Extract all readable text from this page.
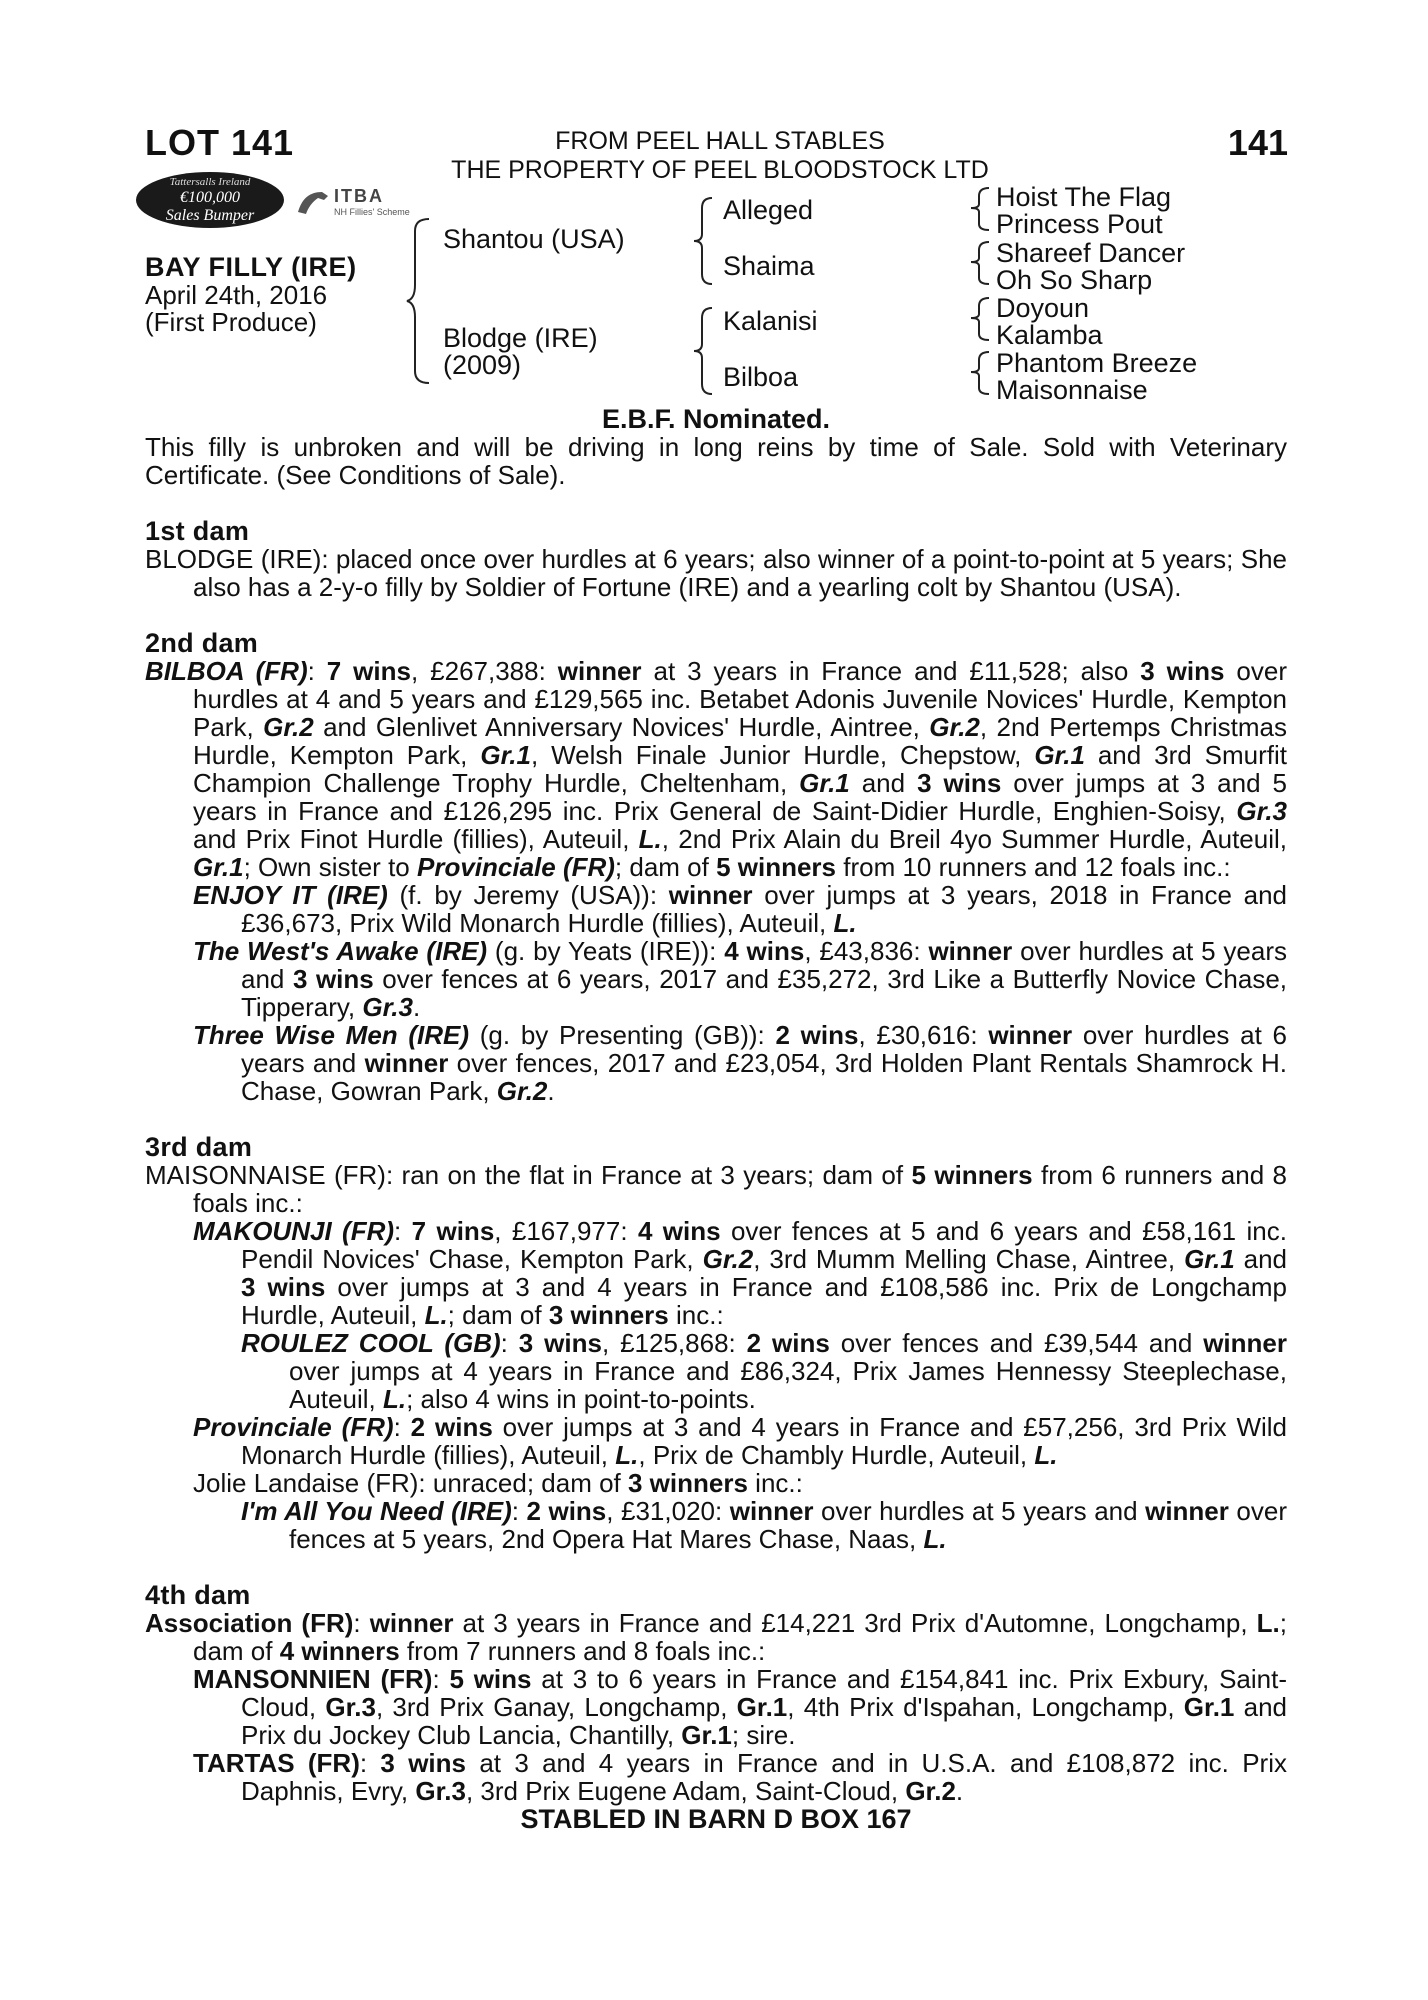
LOT 141	141
FROM PEEL HALL STABLES
THE PROPERTY OF PEEL BLOODSTOCK LTD
Tattersalls Ireland
€100,000
Sales Bumper
ITBA
NH Fillies' Scheme
BAY FILLY (IRE)
April 24th, 2016
(First Produce)
Shantou (USA)
Blodge (IRE)
(2009)
Alleged
Shaima
Kalanisi
Bilboa
Hoist The Flag
Princess Pout
Shareef Dancer
Oh So Sharp
Doyoun
Kalamba
Phantom Breeze
Maisonnaise
E.B.F. Nominated.
This filly is unbroken and will be driving in long reins by time of Sale. Sold with Veterinary Certificate. (See Conditions of Sale).
1st dam
BLODGE (IRE): placed once over hurdles at 6 years; also winner of a point-to-point at 5 years; She also has a 2-y-o filly by Soldier of Fortune (IRE) and a yearling colt by Shantou (USA).
2nd dam
BILBOA (FR): 7 wins, £267,388: winner at 3 years in France and £11,528; also 3 wins over hurdles at 4 and 5 years and £129,565 inc. Betabet Adonis Juvenile Novices' Hurdle, Kempton Park, Gr.2 and Glenlivet Anniversary Novices' Hurdle, Aintree, Gr.2, 2nd Pertemps Christmas Hurdle, Kempton Park, Gr.1, Welsh Finale Junior Hurdle, Chepstow, Gr.1 and 3rd Smurfit Champion Challenge Trophy Hurdle, Cheltenham, Gr.1 and 3 wins over jumps at 3 and 5 years in France and £126,295 inc. Prix General de Saint-Didier Hurdle, Enghien-Soisy, Gr.3 and Prix Finot Hurdle (fillies), Auteuil, L., 2nd Prix Alain du Breil 4yo Summer Hurdle, Auteuil, Gr.1; Own sister to Provinciale (FR); dam of 5 winners from 10 runners and 12 foals inc.:
ENJOY IT (IRE) (f. by Jeremy (USA)): winner over jumps at 3 years, 2018 in France and £36,673, Prix Wild Monarch Hurdle (fillies), Auteuil, L.
The West's Awake (IRE) (g. by Yeats (IRE)): 4 wins, £43,836: winner over hurdles at 5 years and 3 wins over fences at 6 years, 2017 and £35,272, 3rd Like a Butterfly Novice Chase, Tipperary, Gr.3.
Three Wise Men (IRE) (g. by Presenting (GB)): 2 wins, £30,616: winner over hurdles at 6 years and winner over fences, 2017 and £23,054, 3rd Holden Plant Rentals Shamrock H. Chase, Gowran Park, Gr.2.
3rd dam
MAISONNAISE (FR): ran on the flat in France at 3 years; dam of 5 winners from 6 runners and 8 foals inc.:
MAKOUNJI (FR): 7 wins, £167,977: 4 wins over fences at 5 and 6 years and £58,161 inc. Pendil Novices' Chase, Kempton Park, Gr.2, 3rd Mumm Melling Chase, Aintree, Gr.1 and 3 wins over jumps at 3 and 4 years in France and £108,586 inc. Prix de Longchamp Hurdle, Auteuil, L.; dam of 3 winners inc.:
ROULEZ COOL (GB): 3 wins, £125,868: 2 wins over fences and £39,544 and winner over jumps at 4 years in France and £86,324, Prix James Hennessy Steeplechase, Auteuil, L.; also 4 wins in point-to-points.
Provinciale (FR): 2 wins over jumps at 3 and 4 years in France and £57,256, 3rd Prix Wild Monarch Hurdle (fillies), Auteuil, L., Prix de Chambly Hurdle, Auteuil, L.
Jolie Landaise (FR): unraced; dam of 3 winners inc.:
I'm All You Need (IRE): 2 wins, £31,020: winner over hurdles at 5 years and winner over fences at 5 years, 2nd Opera Hat Mares Chase, Naas, L.
4th dam
Association (FR): winner at 3 years in France and £14,221 3rd Prix d'Automne, Longchamp, L.; dam of 4 winners from 7 runners and 8 foals inc.:
MANSONNIEN (FR): 5 wins at 3 to 6 years in France and £154,841 inc. Prix Exbury, Saint-Cloud, Gr.3, 3rd Prix Ganay, Longchamp, Gr.1, 4th Prix d'Ispahan, Longchamp, Gr.1 and Prix du Jockey Club Lancia, Chantilly, Gr.1; sire.
TARTAS (FR): 3 wins at 3 and 4 years in France and in U.S.A. and £108,872 inc. Prix Daphnis, Evry, Gr.3, 3rd Prix Eugene Adam, Saint-Cloud, Gr.2.
STABLED IN BARN D BOX 167
